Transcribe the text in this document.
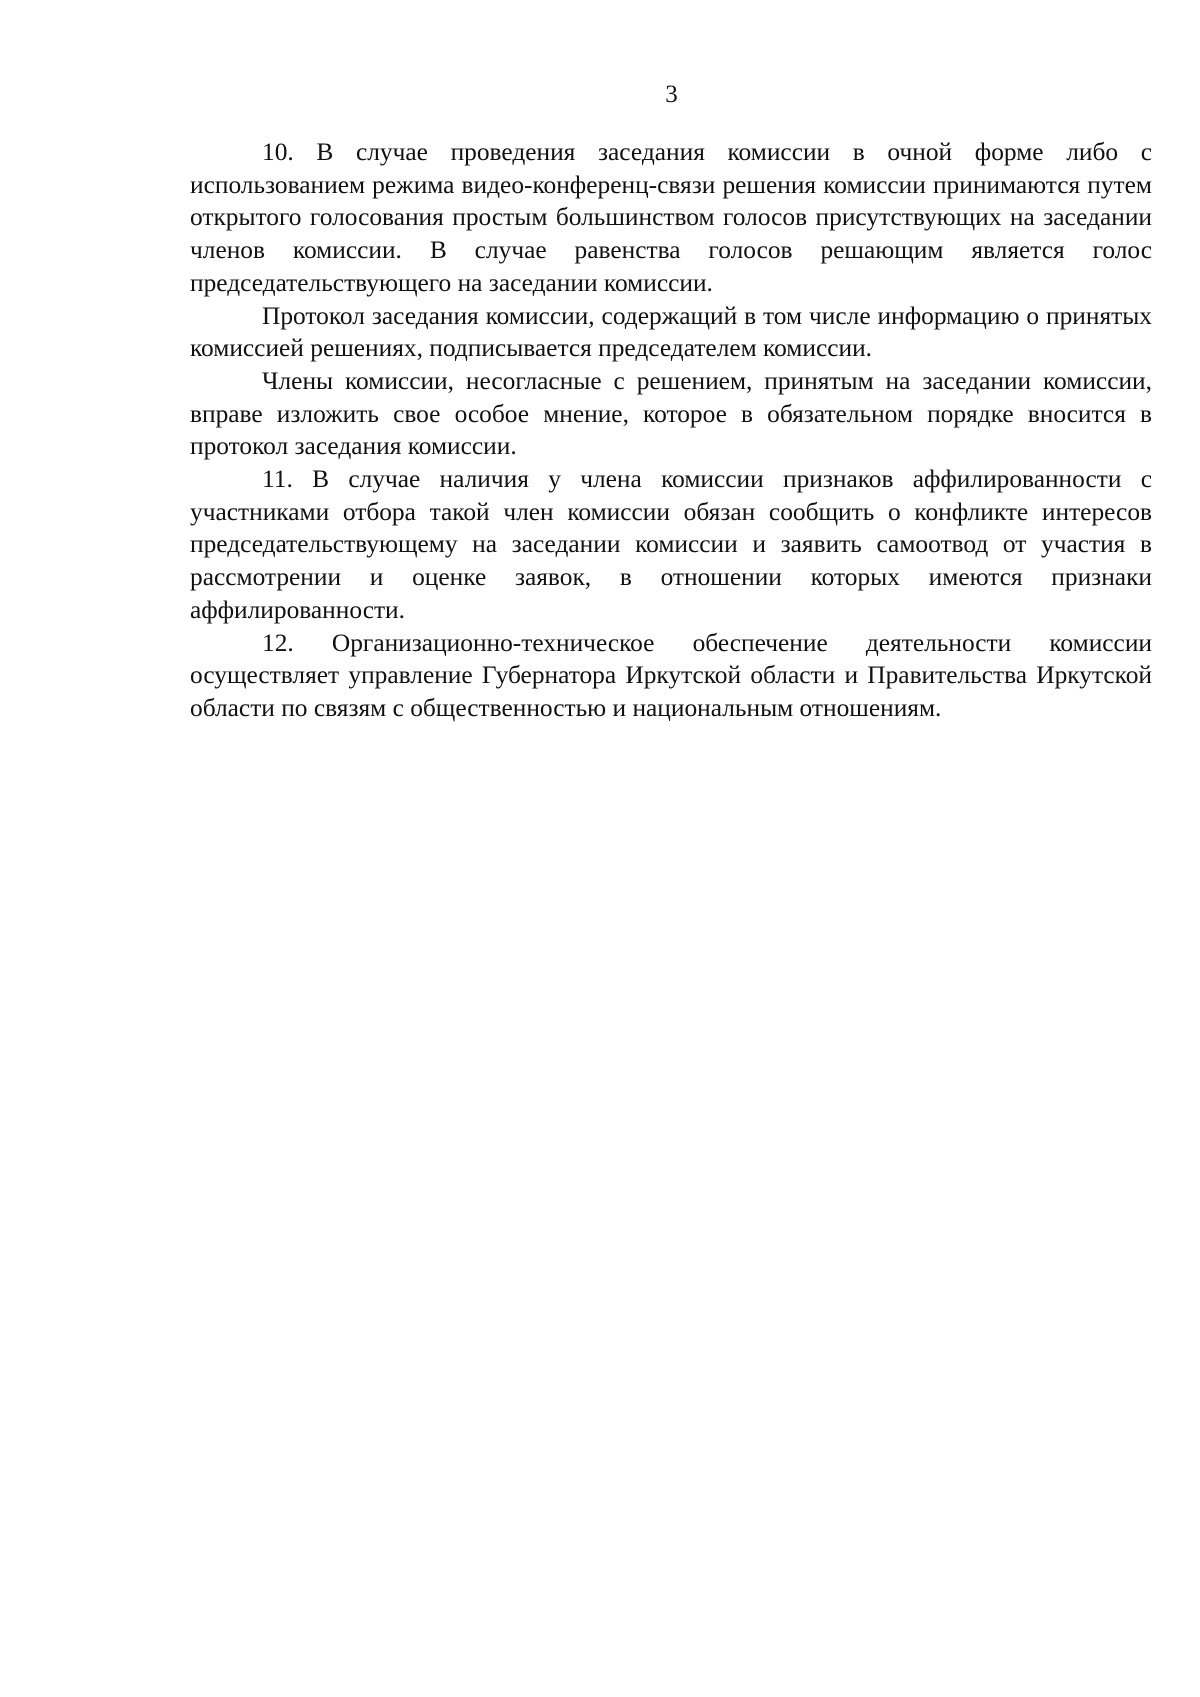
3

10. В случае проведения заседания комиссии в очной форме либо с использованием режима видео-конференц-связи решения комиссии принимаются путем открытого голосования простым большинством голосов присутствующих на заседании членов комиссии. В случае равенства голосов решающим является голос председательствующего на заседании комиссии.

Протокол заседания комиссии, содержащий в том числе информацию о принятых комиссией решениях, подписывается председателем комиссии.

Члены комиссии, несогласные с решением, принятым на заседании комиссии, вправе изложить свое особое мнение, которое в обязательном порядке вносится в протокол заседания комиссии.

11. В случае наличия у члена комиссии признаков аффилированности с участниками отбора такой член комиссии обязан сообщить о конфликте интересов председательствующему на заседании комиссии и заявить самоотвод от участия в рассмотрении и оценке заявок, в отношении которых имеются признаки аффилированности.

12. Организационно-техническое обеспечение деятельности комиссии осуществляет управление Губернатора Иркутской области и Правительства Иркутской области по связям с общественностью и национальным отношениям.
